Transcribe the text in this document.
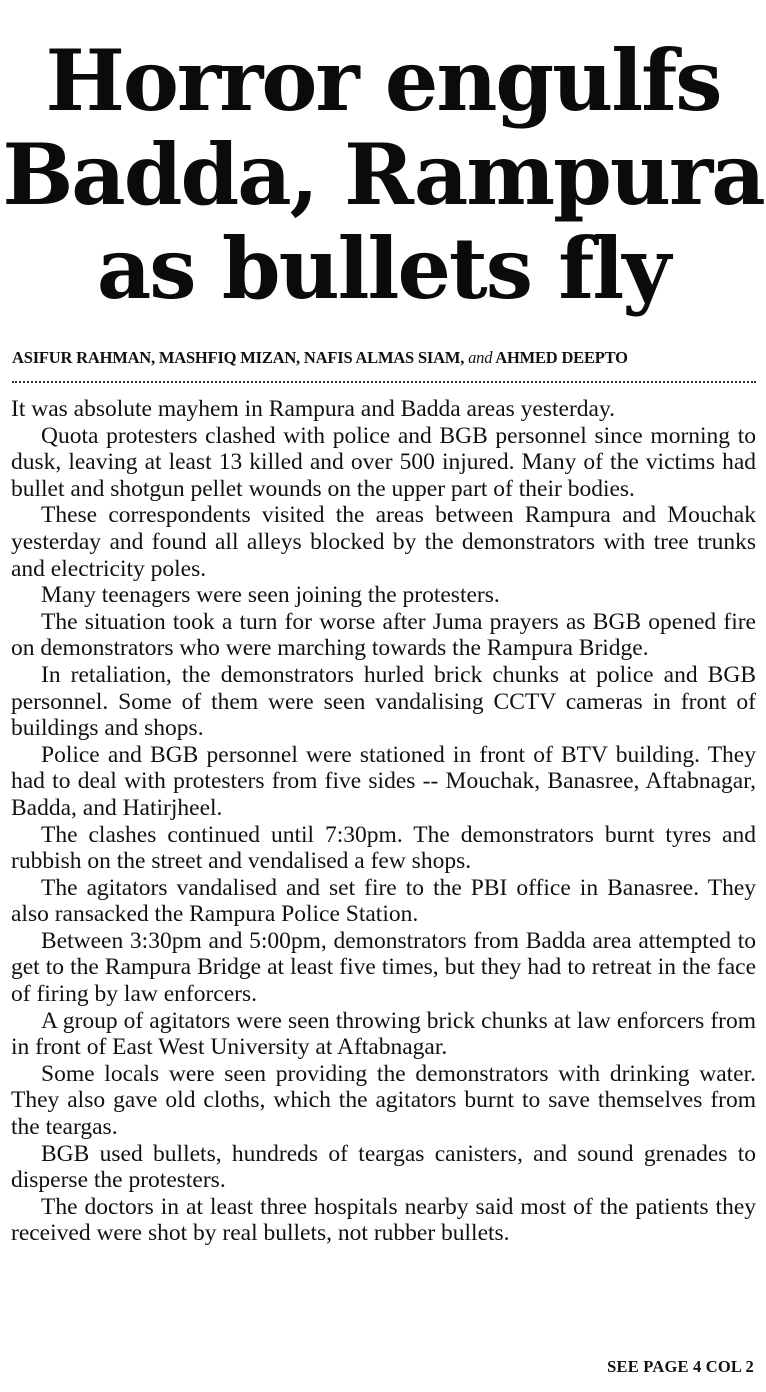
Horror engulfs
Badda, Rampura
as bullets fly
ASIFUR RAHMAN, MASHFIQ MIZAN, NAFIS ALMAS SIAM, and AHMED DEEPTO

It was absolute mayhem in Rampura and Badda areas yesterday.

Quota protesters clashed with police and BGB personnel since morning to dusk, leaving at least 13 killed and over 500 injured. Many of the victims had bullet and shotgun pellet wounds on the upper part of their bodies.

These correspondents visited the areas between Rampura and Mouchak yesterday and found all alleys blocked by the demonstrators with tree trunks and electricity poles.

Many teenagers were seen joining the protesters.

The situation took a turn for worse after Juma prayers as BGB opened fire on demonstrators who were marching towards the Rampura Bridge.

In retaliation, the demonstrators hurled brick chunks at police and BGB personnel. Some of them were seen vandalising CCTV cameras in front of buildings and shops.

Police and BGB personnel were stationed in front of BTV building. They had to deal with protesters from five sides -- Mouchak, Banasree, Aftabnagar, Badda, and Hatirjheel.

The clashes continued until 7:30pm. The demonstrators burnt tyres and rubbish on the street and vendalised a few shops.

The agitators vandalised and set fire to the PBI office in Banasree. They also ransacked the Rampura Police Station.

Between 3:30pm and 5:00pm, demonstrators from Badda area attempted to get to the Rampura Bridge at least five times, but they had to retreat in the face of firing by law enforcers.

A group of agitators were seen throwing brick chunks at law enforcers from in front of East West University at Aftabnagar.

Some locals were seen providing the demonstrators with drinking water. They also gave old cloths, which the agitators burnt to save themselves from the teargas.

BGB used bullets, hundreds of teargas canisters, and sound grenades to disperse the protesters.

The doctors in at least three hospitals nearby said most of the patients they received were shot by real bullets, not rubber bullets.

SEE PAGE 4 COL 2
